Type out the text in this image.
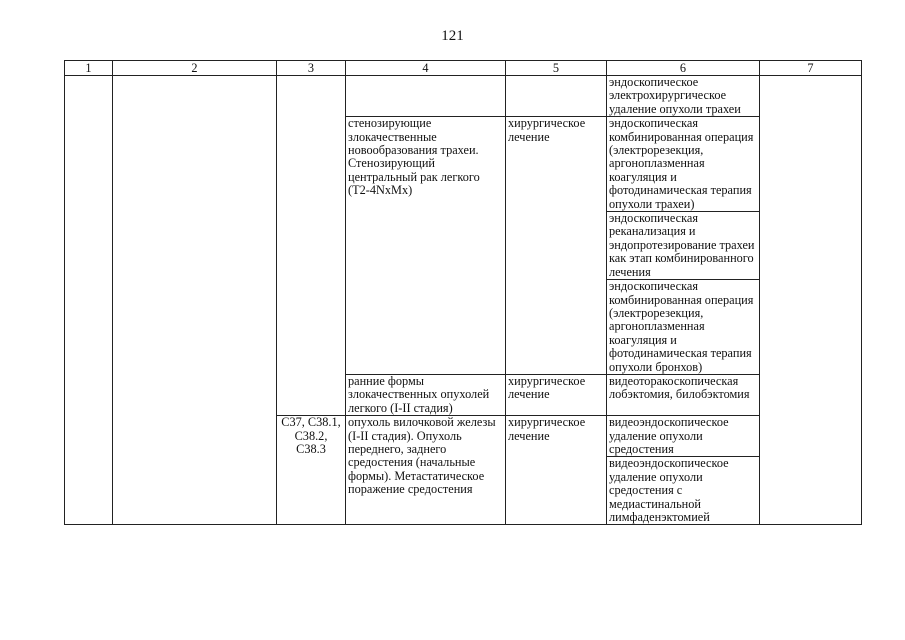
121
1	2	3	4	5	6	7
					эндоскопическое электрохирургическое удаление опухоли трахеи	
			стенозирующие злокачественные новообразования трахеи. Стенозирующий центральный рак легкого (T2-4NxMx)	хирургическое лечение	эндоскопическая комбинированная операция (электрорезекция, аргоноплазменная коагуляция и фотодинамическая терапия опухоли трахеи)	
					эндоскопическая реканализация и эндопротезирование трахеи как этап комбинированного лечения	
					эндоскопическая комбинированная операция (электрорезекция, аргоноплазменная коагуляция и фотодинамическая терапия опухоли бронхов)	
			ранние формы злокачественных опухолей легкого (I-II стадия)	хирургическое лечение	видеоторакоскопическая лобэктомия, билобэктомия	
		C37, C38.1, C38.2, C38.3	опухоль вилочковой железы (I-II стадия). Опухоль переднего, заднего средостения (начальные формы). Метастатическое поражение средостения	хирургическое лечение	видеоэндоскопическое удаление опухоли средостения	
					видеоэндоскопическое удаление опухоли средостения с медиастинальной лимфаденэктомией	
